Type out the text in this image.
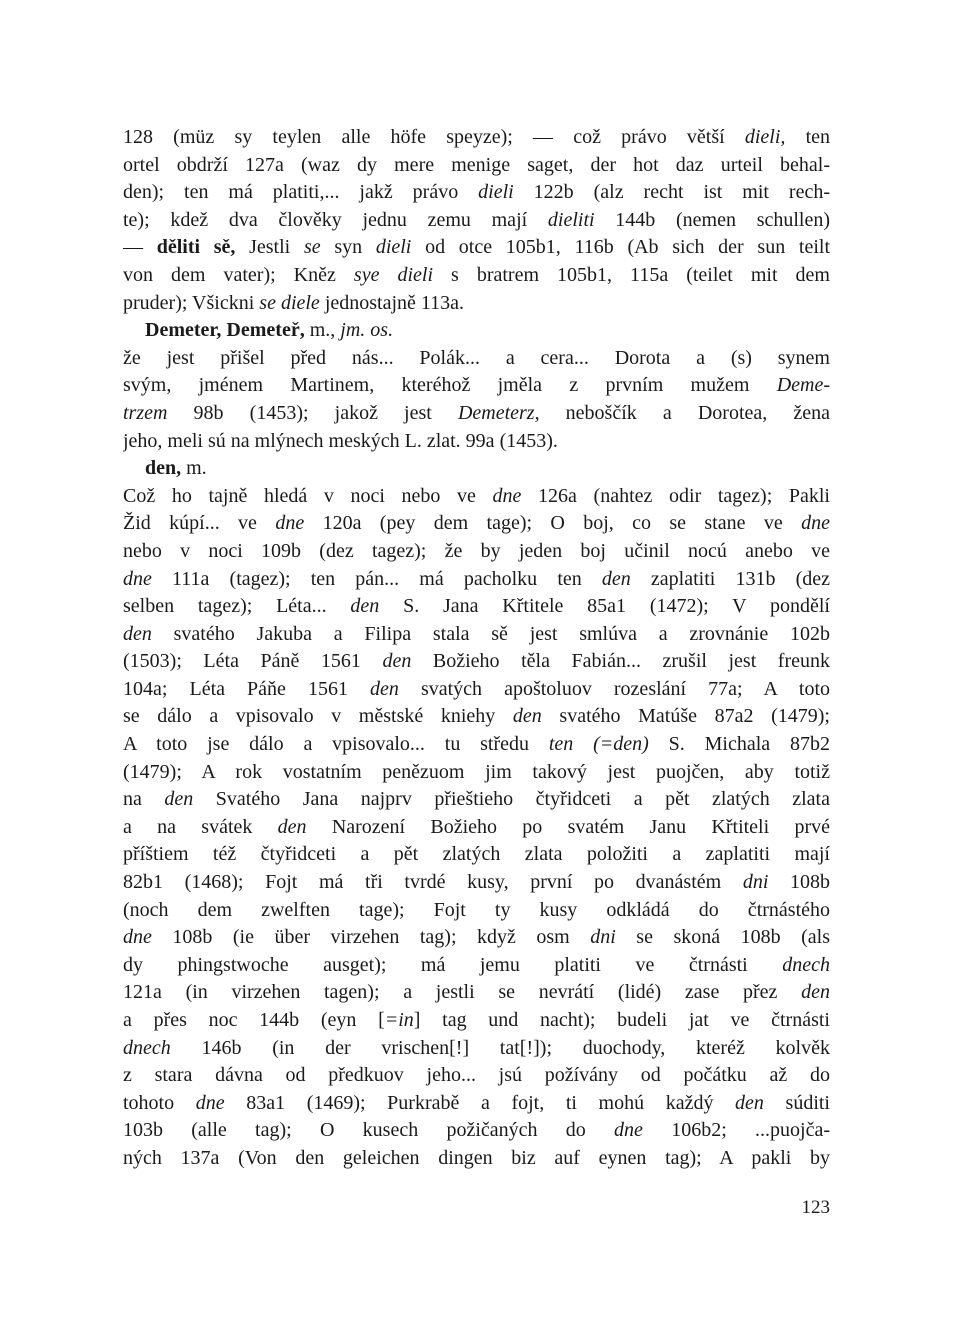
128 (müz sy teylen alle höfe speyze); — což právo větší dieli, ten
ortel obdrží 127a (waz dy mere menige saget, der hot daz urteil behal-
den); ten má platiti,... jakž právo dieli 122b (alz recht ist mit rech-
te); kdež dva člověky jednu zemu mají dieliti 144b (nemen schullen)
— děliti sě, Jestli se syn dieli od otce 105b1, 116b (Ab sich der sun teilt
von dem vater); Kněz sye dieli s bratrem 105b1, 115a (teilet mit dem
pruder); Všickni se diele jednostajně 113a.
Demeter, Demeteř, m., jm. os.
že jest přišel před nás... Polák... a cera... Dorota a (s) synem
svým, jménem Martinem, kteréhož jměla z prvním mužem Deme-
trzem 98b (1453); jakož jest Demeterz, neboščík a Dorotea, žena
jeho, meli sú na mlýnech meských L. zlat. 99a (1453).
den, m.
Což ho tajně hledá v noci nebo ve dne 126a (nahtez odir tagez); Pakli
Žid kúpí... ve dne 120a (pey dem tage); O boj, co se stane ve dne
nebo v noci 109b (dez tagez); že by jeden boj učinil nocú anebo ve
dne 111a (tagez); ten pán... má pacholku ten den zaplatiti 131b (dez
selben tagez); Léta... den S. Jana Křtitele 85a1 (1472); V pondělí
den svatého Jakuba a Filipa stala sě jest smlúva a zrovnánie 102b
(1503); Léta Páně 1561 den Božieho těla Fabián... zrušil jest freunk
104a; Léta Páňe 1561 den svatých apoštoluov rozeslání 77a; A toto
se dálo a vpisovalo v městské kniehy den svatého Matúše 87a2 (1479);
A toto jse dálo a vpisovalo... tu středu ten (=den) S. Michala 87b2
(1479); A rok vostatním penězuom jim takový jest puojčen, aby totiž
na den Svatého Jana najprv přieštieho čtyřidceti a pět zlatých zlata
a na svátek den Narození Božieho po svatém Janu Křtiteli prvé
příštiem též čtyřidceti a pět zlatých zlata položiti a zaplatiti mají
82b1 (1468); Fojt má tři tvrdé kusy, první po dvanástém dni 108b
(noch dem zwelften tage); Fojt ty kusy odkládá do čtrnástého
dne 108b (ie über virzehen tag); když osm dni se skoná 108b (als
dy phingstwoche ausget); má jemu platiti ve čtrnásti dnech
121a (in virzehen tagen); a jestli se nevrátí (lidé) zase přez den
a přes noc 144b (eyn [=in] tag und nacht); budeli jat ve čtrnásti
dnech 146b (in der vrischen[!] tat[!]); duochody, kteréž kolvěk
z stara dávna od předkuov jeho... jsú požívány od počátku až do
tohoto dne 83a1 (1469); Purkrabě a fojt, ti mohú každý den súditi
103b (alle tag); O kusech požičaných do dne 106b2; ...puojča-
ných 137a (Von den geleichen dingen biz auf eynen tag); A pakli by
123
